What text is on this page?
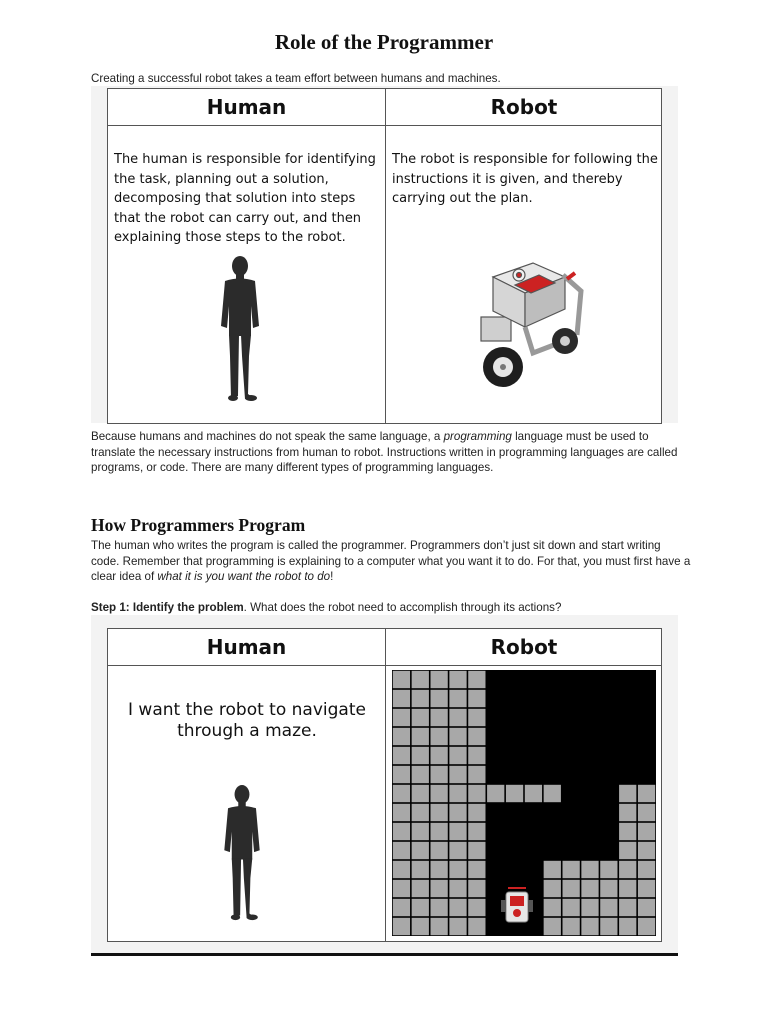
Role of the Programmer
Creating a successful robot takes a team effort between humans and machines.
Human	Robot
The human is responsible for identifying the task, planning out a solution, decomposing that solution into steps that the robot can carry out, and then explaining those steps to the robot.
The robot is responsible for following the instructions it is given, and thereby carrying out the plan.
Because humans and machines do not speak the same language, a programming language must be used to translate the necessary instructions from human to robot. Instructions written in programming languages are called programs, or code. There are many different types of programming languages.
How Programmers Program
The human who writes the program is called the programmer. Programmers don’t just sit down and start writing code. Remember that programming is explaining to a computer what you want it to do. For that, you must first have a clear idea of what it is you want the robot to do!
Step 1: Identify the problem. What does the robot need to accomplish through its actions?
Human	Robot
I want the robot to navigate through a maze.
